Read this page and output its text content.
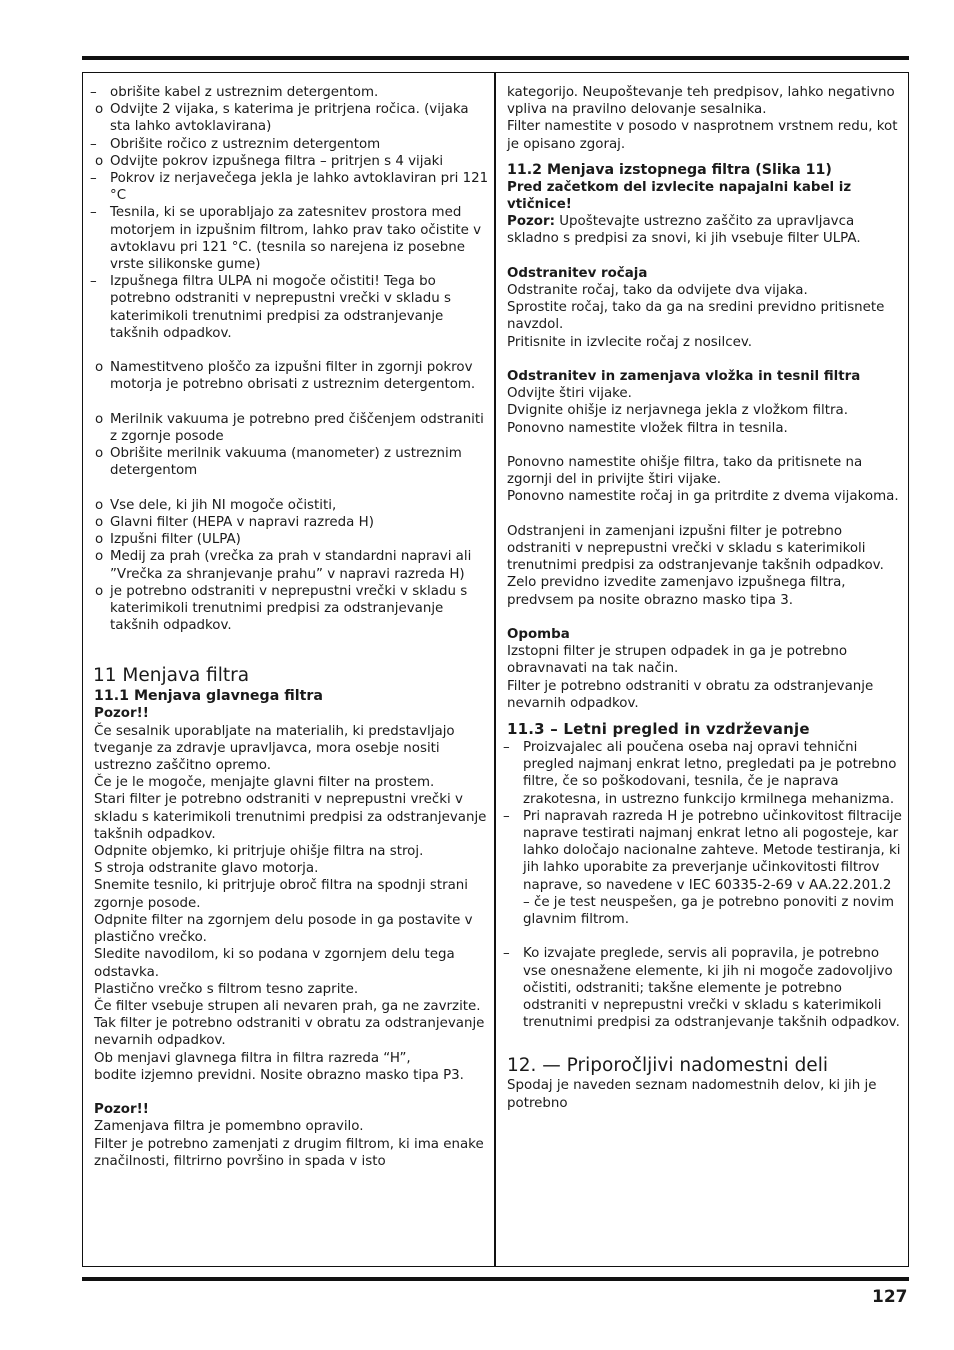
– obrišite kabel z ustreznim detergentom.
o Odvijte 2 vijaka, s katerima je pritrjena ročica. (vijaka sta lahko avtoklavirana)
– Obrišite ročico z ustreznim detergentom
o Odvijte pokrov izpušnega filtra – pritrjen s 4 vijaki
– Pokrov iz nerjavečega jekla je lahko avtoklaviran pri 121 °C
– Tesnila, ki se uporabljajo za zatesnitev prostora med motorjem in izpušnim filtrom, lahko prav tako očistite v avtoklavu pri 121 °C. (tesnila so narejena iz posebne vrste silikonske gume)
– Izpušnega filtra ULPA ni mogoče očistiti! Tega bo potrebno odstraniti v neprepustni vrečki v skladu s katerimikoli trenutnimi predpisi za odstranjevanje takšnih odpadkov.
o Namestitveno ploščo za izpušni filter in zgornji pokrov motorja je potrebno obrisati z ustreznim detergentom.
o Merilnik vakuuma je potrebno pred čiščenjem odstraniti z zgornje posode
o Obrišite merilnik vakuuma (manometer) z ustreznim detergentom
o Vse dele, ki jih NI mogoče očistiti,
o Glavni filter (HEPA v napravi razreda H)
o Izpušni filter (ULPA)
o Medij za prah (vrečka za prah v standardni napravi ali ”Vrečka za shranjevanje prahu” v napravi razreda H)
o je potrebno odstraniti v neprepustni vrečki v skladu s katerimikoli trenutnimi predpisi za odstranjevanje takšnih odpadkov.
11 Menjava filtra
11.1 Menjava glavnega filtra
Pozor!!
Če sesalnik uporabljate na materialih, ki predstavljajo tveganje za zdravje upravljavca, mora osebje nositi ustrezno zaščitno opremo.
Če je le mogoče, menjajte glavni filter na prostem.
Stari filter je potrebno odstraniti v neprepustni vrečki v skladu s katerimikoli trenutnimi predpisi za odstranjevanje takšnih odpadkov.
Odpnite objemko, ki pritrjuje ohišje filtra na stroj.
S stroja odstranite glavo motorja.
Snemite tesnilo, ki pritrjuje obroč filtra na spodnji strani zgornje posode.
Odpnite filter na zgornjem delu posode in ga postavite v plastično vrečko.
Sledite navodilom, ki so podana v zgornjem delu tega odstavka.
Plastično vrečko s filtrom tesno zaprite.
Če filter vsebuje strupen ali nevaren prah, ga ne zavrzite. Tak filter je potrebno odstraniti v obratu za odstranjevanje nevarnih odpadkov.
Ob menjavi glavnega filtra in filtra razreda “H”,
bodite izjemno previdni. Nosite obrazno masko tipa P3.
Pozor!!
Zamenjava filtra je pomembno opravilo.
Filter je potrebno zamenjati z drugim filtrom, ki ima enake značilnosti, filtrirno površino in spada v isto
kategorijo. Neupoštevanje teh predpisov, lahko negativno vpliva na pravilno delovanje sesalnika.
Filter namestite v posodo v nasprotnem vrstnem redu, kot je opisano zgoraj.
11.2 Menjava izstopnega filtra (Slika 11)
Pred začetkom del izvlecite napajalni kabel iz vtičnice!
Pozor: Upoštevajte ustrezno zaščito za upravljavca skladno s predpisi za snovi, ki jih vsebuje filter ULPA.
Odstranitev ročaja
Odstranite ročaj, tako da odvijete dva vijaka.
Sprostite ročaj, tako da ga na sredini previdno pritisnete navzdol.
Pritisnite in izvlecite ročaj z nosilcev.
Odstranitev in zamenjava vložka in tesnil filtra
Odvijte štiri vijake.
Dvignite ohišje iz nerjavnega jekla z vložkom filtra.
Ponovno namestite vložek filtra in tesnila.
Ponovno namestite ohišje filtra, tako da pritisnete na zgornji del in privijte štiri vijake.
Ponovno namestite ročaj in ga pritrdite z dvema vijakoma.
Odstranjeni in zamenjani izpušni filter je potrebno odstraniti v neprepustni vrečki v skladu s katerimikoli trenutnimi predpisi za odstranjevanje takšnih odpadkov.
Zelo previdno izvedite zamenjavo izpušnega filtra, predvsem pa nosite obrazno masko tipa 3.
Opomba
Izstopni filter je strupen odpadek in ga je potrebno obravnavati na tak način.
Filter je potrebno odstraniti v obratu za odstranjevanje nevarnih odpadkov.
11.3 – Letni pregled in vzdrževanje
– Proizvajalec ali poučena oseba naj opravi tehnični pregled najmanj enkrat letno, pregledati pa je potrebno filtre, če so poškodovani, tesnila, če je naprava zrakotesna, in ustrezno funkcijo krmilnega mehanizma.
– Pri napravah razreda H je potrebno učinkovitost filtracije naprave testirati najmanj enkrat letno ali pogosteje, kar lahko določajo nacionalne zahteve. Metode testiranja, ki jih lahko uporabite za preverjanje učinkovitosti filtrov naprave, so navedene v IEC 60335-2-69 v AA.22.201.2 – če je test neuspešen, ga je potrebno ponoviti z novim glavnim filtrom.
– Ko izvajate preglede, servis ali popravila, je potrebno vse onesnažene elemente, ki jih ni mogoče zadovoljivo očistiti, odstraniti; takšne elemente je potrebno odstraniti v neprepustni vrečki v skladu s katerimikoli trenutnimi predpisi za odstranjevanje takšnih odpadkov.
12. — Priporočljivi nadomestni deli
Spodaj je naveden seznam nadomestnih delov, ki jih je potrebno
127
